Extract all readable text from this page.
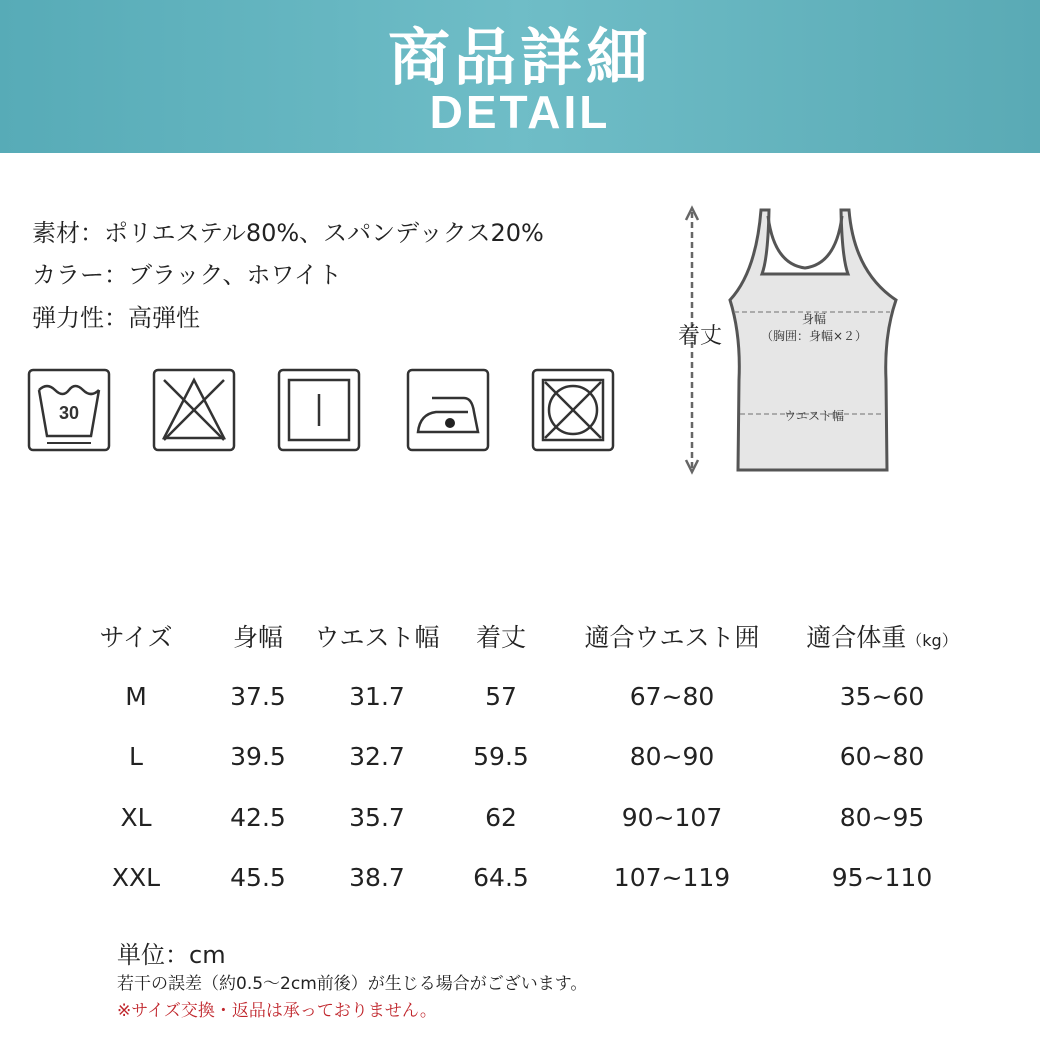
商品詳細
DETAIL
素材：ポリエステル80%、スパンデックス20%
カラー：ブラック、ホワイト
弾力性：高弾性
30
着丈
身幅
（胸囲：身幅×２）
ウエスト幅
サイズ	身幅	ウエスト幅	着丈	適合ウエスト囲	適合体重（kg）
M	37.5	31.7	57	67~80	35~60
L	39.5	32.7	59.5	80~90	60~80
XL	42.5	35.7	62	90~107	80~95
XXL	45.5	38.7	64.5	107~119	95~110
単位：cm
若干の誤差（約0.5～2cm前後）が生じる場合がございます。
※サイズ交換・返品は承っておりません。
